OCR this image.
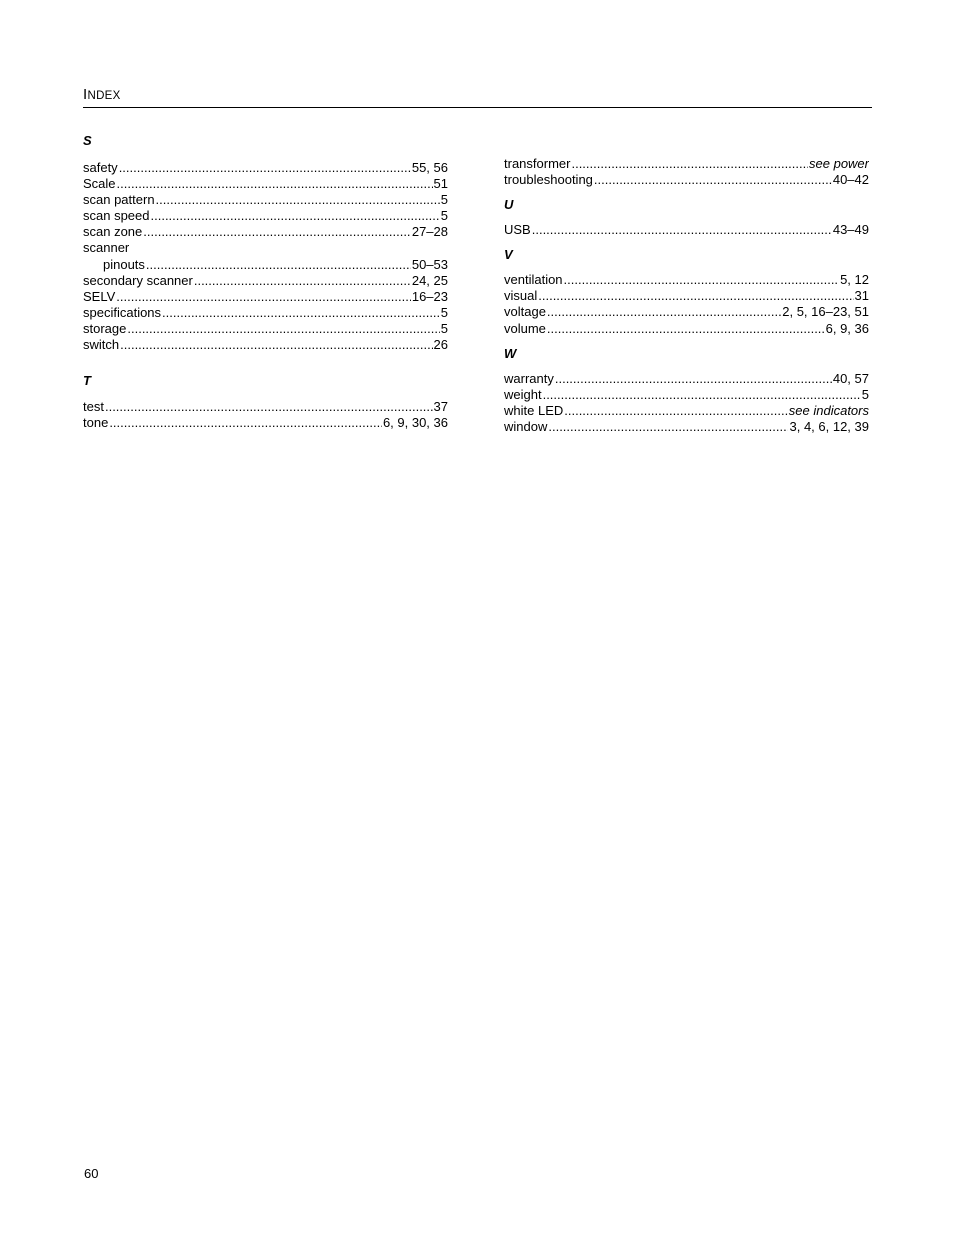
INDEX
S
safety .....	55, 56
Scale .....	51
scan pattern .....	5
scan speed .....	5
scan zone .....	27–28
scanner
pinouts .....	50–53
secondary scanner .....	24, 25
SELV .....	16–23
specifications .....	5
storage .....	5
switch .....	26
T
test .....	37
tone .....	6, 9, 30, 36
transformer .....	see power
troubleshooting .....	40–42
U
USB .....	43–49
V
ventilation .....	5, 12
visual .....	31
voltage .....	2, 5, 16–23, 51
volume .....	6, 9, 36
W
warranty .....	40, 57
weight .....	5
white LED .....	see indicators
window .....	3, 4, 6, 12, 39
60
